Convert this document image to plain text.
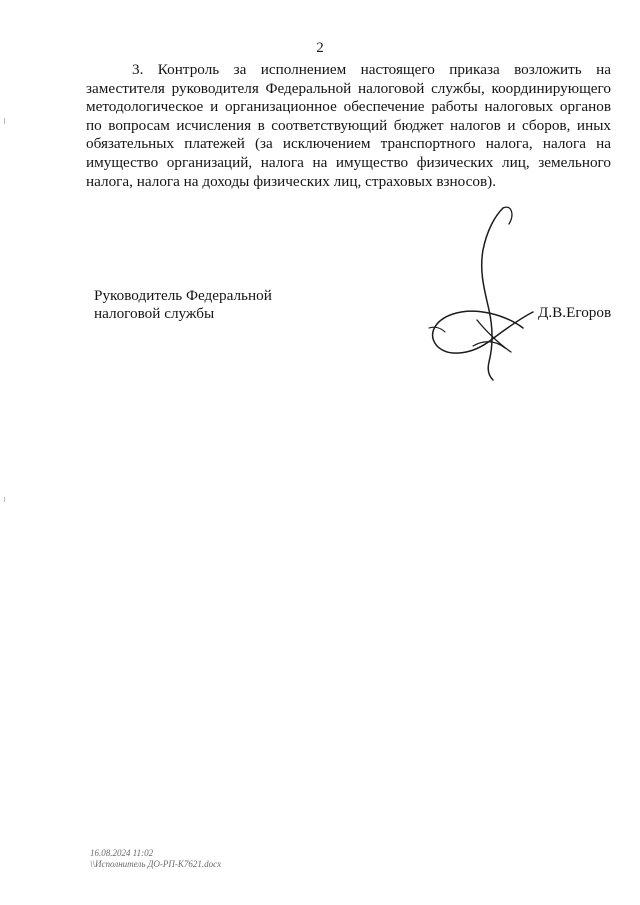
2

3. Контроль за исполнением настоящего приказа возложить на заместителя руководителя Федеральной налоговой службы, координирующего методологическое и организационное обеспечение работы налоговых органов по вопросам исчисления в соответствующий бюджет налогов и сборов, иных обязательных платежей (за исключением транспортного налога, налога на имущество организаций, налога на имущество физических лиц, земельного налога, налога на доходы физических лиц, страховых взносов).

Руководитель Федеральной
налоговой службы	Д.В.Егоров
16.08.2024 11:02
\\Исполнитель ДО-РП-К7621.docx
